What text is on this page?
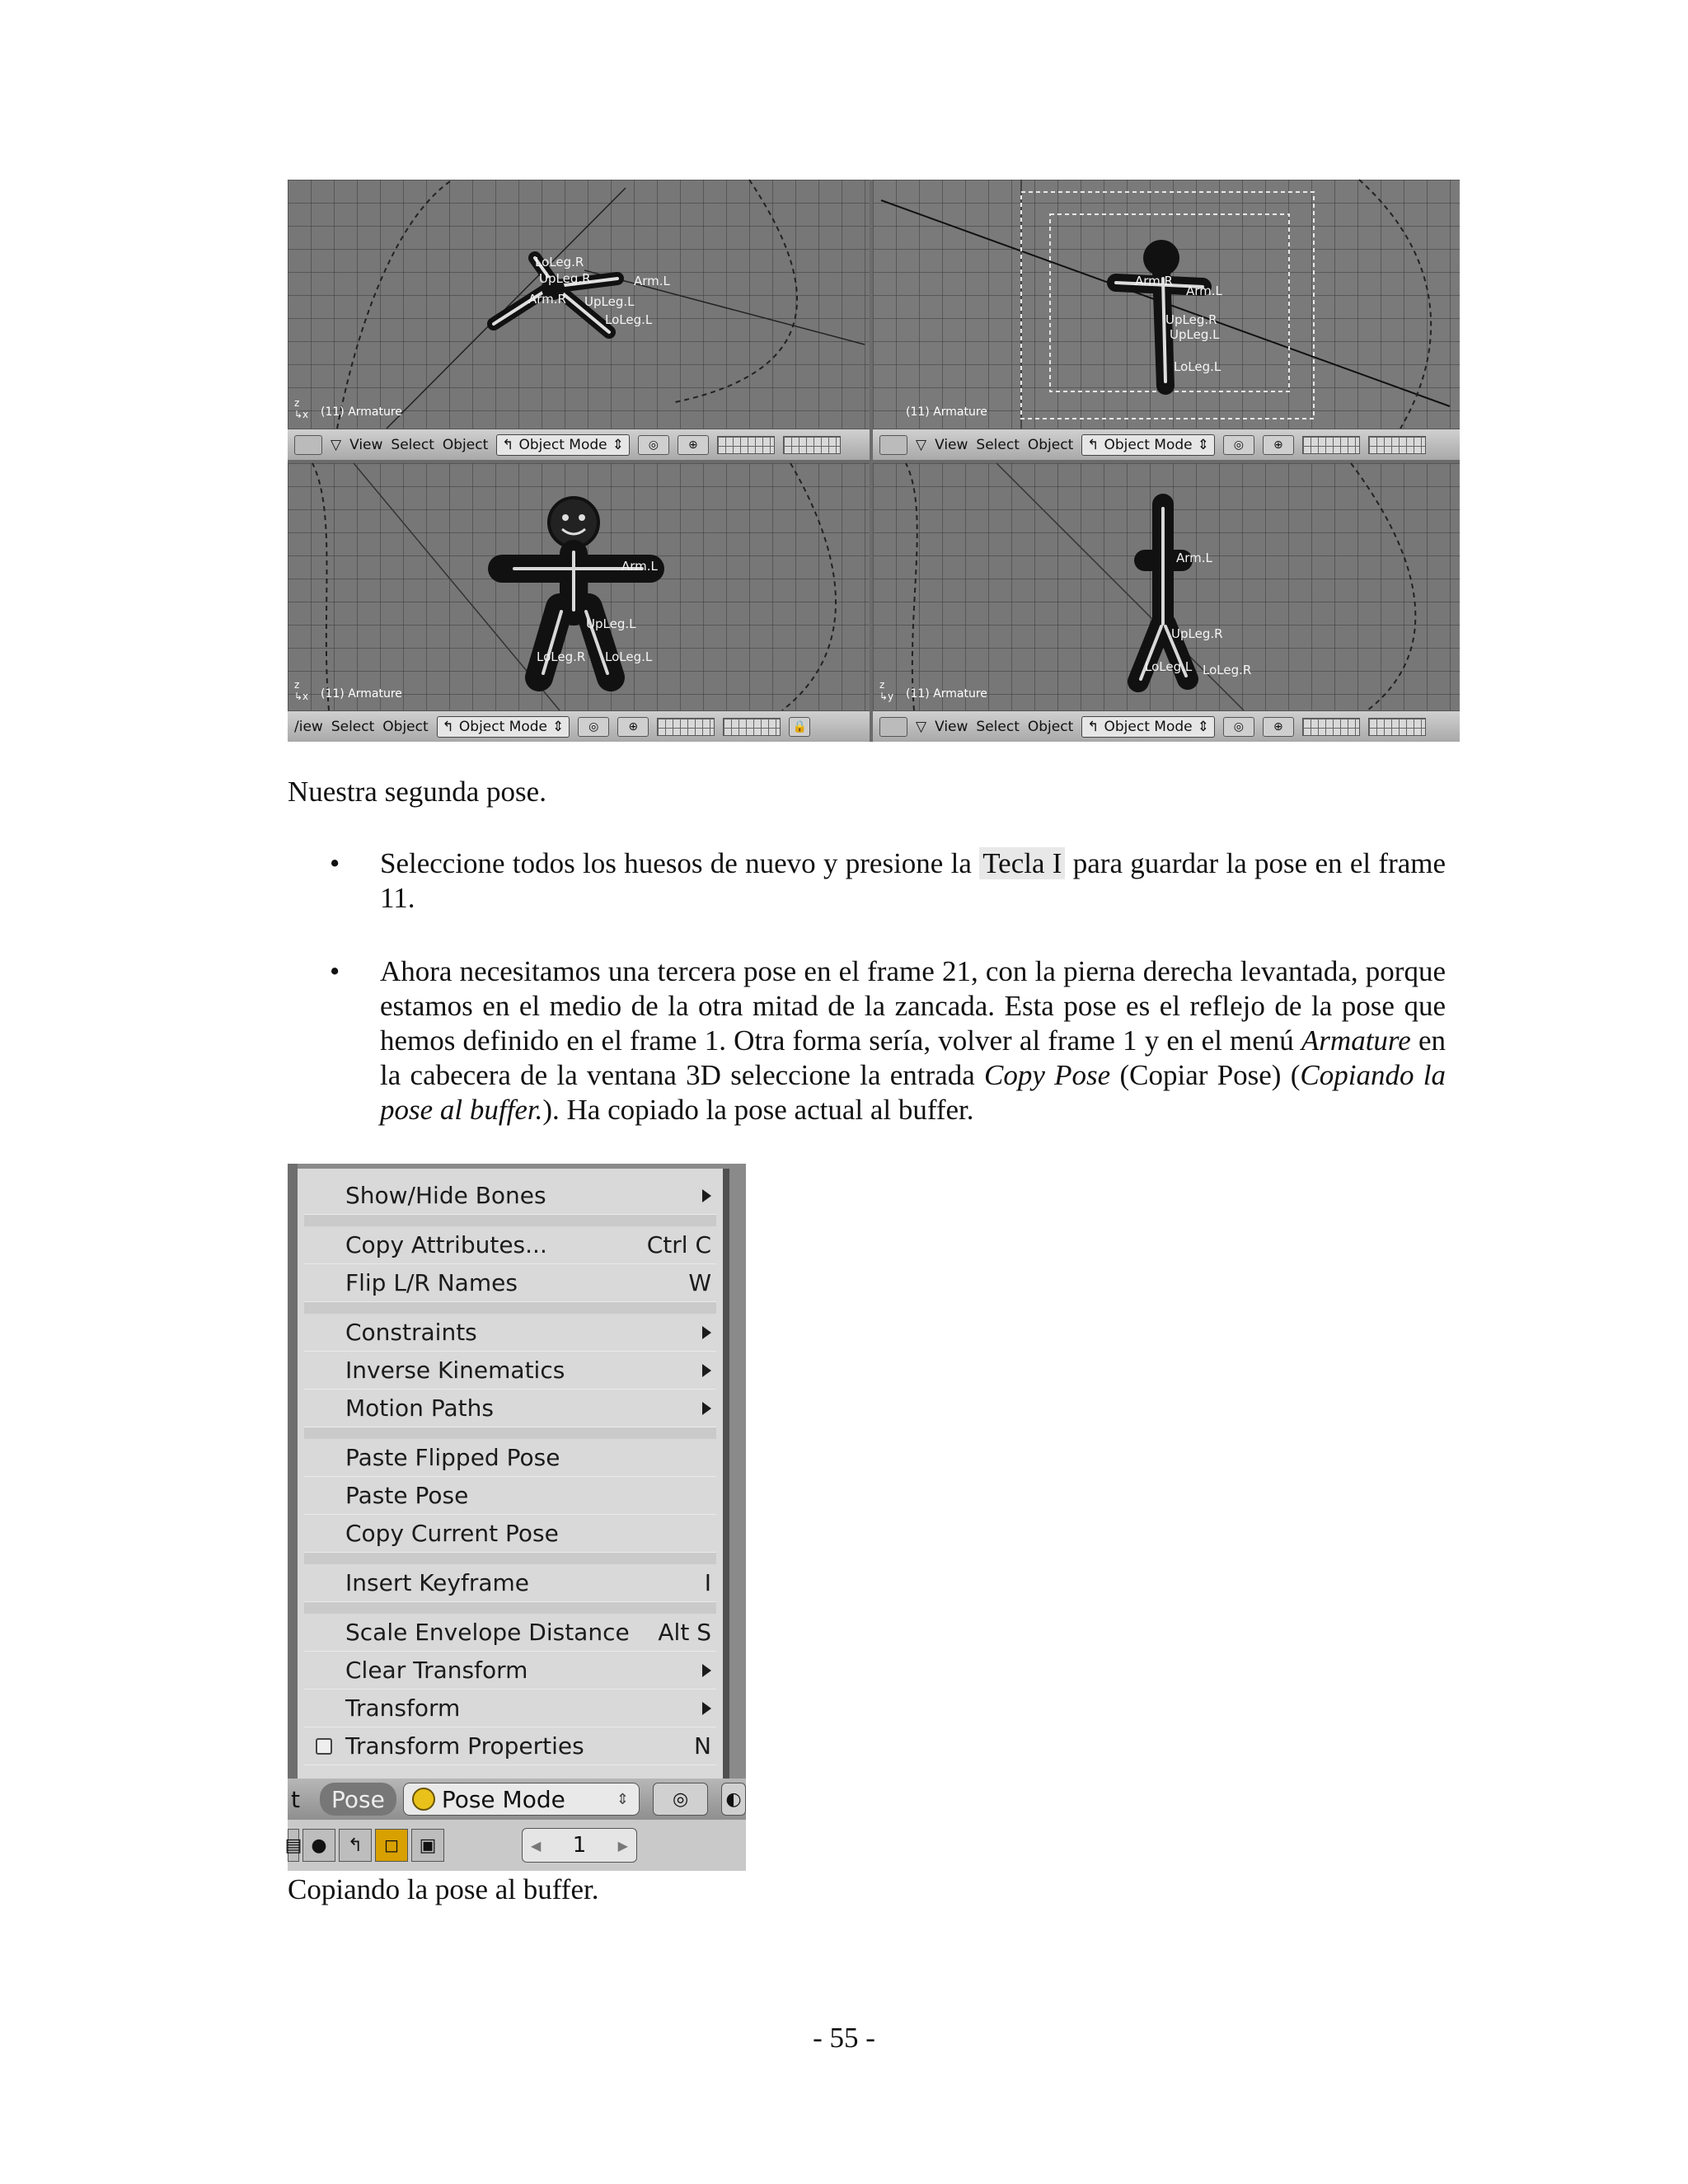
LoLeg.R
UpLeg.R	Arm.L
Arm.R UpLeg.L
LoLeg.L
z
↳x (11) Armature
▽ View Select Object ↰ Object Mode ⇕	◎	⊕
Arm.R
Arm.L
UpLeg.R
UpLeg.L
LoLeg.L
(11) Armature
▽ View Select Object ↰ Object Mode ⇕	◎	⊕
Arm.L
UpLeg.L
LoLeg.R LoLeg.L
z
↳x (11) Armature
/iew Select Object ↰ Object Mode ⇕	◎	⊕	🔒
Arm.L
UpLeg.R
LoLeg.L LoLeg.R
z
↳y (11) Armature
▽ View Select Object ↰ Object Mode ⇕	◎	⊕
Nuestra segunda pose.
• Seleccione todos los huesos de nuevo y presione la Tecla I para guardar la pose en el frame 11.
• Ahora necesitamos una tercera pose en el frame 21, con la pierna derecha levantada, porque estamos en el medio de la otra mitad de la zancada. Esta pose es el reflejo de la pose que hemos definido en el frame 1. Otra forma sería, volver al frame 1 y en el menú Armature en la cabecera de la ventana 3D seleccione la entrada Copy Pose (Copiar Pose) (Copiando la pose al buffer.). Ha copiado la pose actual al buffer.
Show/Hide Bones
Copy Attributes...	Ctrl C
Flip L/R Names	W
Constraints
Inverse Kinematics
Motion Paths
Paste Flipped Pose
Paste Pose
Copy Current Pose
Insert Keyframe	I
Scale Envelope Distance Alt S
Clear Transform
Transform
Transform Properties	N
t	Pose	Pose Mode	⇕	◎	◐
▤ ●	↰	◻	▣	◀ 1 ▶
Copiando la pose al buffer.
- 55 -
